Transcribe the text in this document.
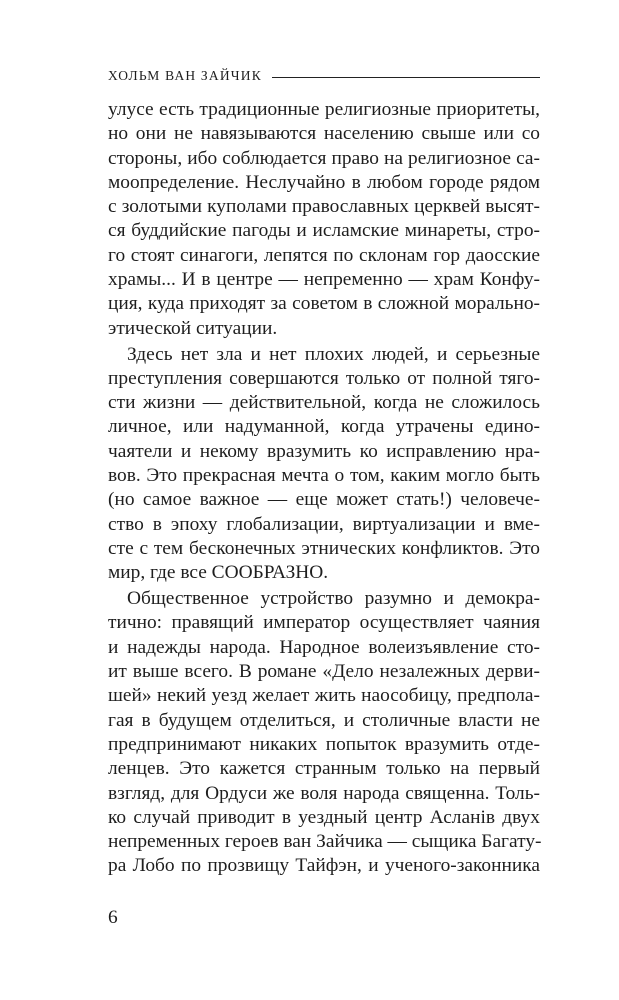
ХОЛЬМ ВАН ЗАЙЧИК
улусе есть традиционные религиозные приоритеты,
но они не навязываются населению свыше или со
стороны, ибо соблюдается право на религиозное са-
моопределение. Неслучайно в любом городе рядом
с золотыми куполами православных церквей высят-
ся буддийские пагоды и исламские минареты, стро-
го стоят синагоги, лепятся по склонам гор даосские
храмы... И в центре — непременно — храм Конфу-
ция, куда приходят за советом в сложной морально-
этической ситуации.
Здесь нет зла и нет плохих людей, и серьезные
преступления совершаются только от полной тяго-
сти жизни — действительной, когда не сложилось
личное, или надуманной, когда утрачены едино-
чаятели и некому вразумить ко исправлению нра-
вов. Это прекрасная мечта о том, каким могло быть
(но самое важное — еще может стать!) человече-
ство в эпоху глобализации, виртуализации и вме-
сте с тем бесконечных этнических конфликтов. Это
мир, где все СООБРАЗНО.
Общественное устройство разумно и демокра-
тично: правящий император осуществляет чаяния
и надежды народа. Народное волеизъявление сто-
ит выше всего. В романе «Дело незалежных дерви-
шей» некий уезд желает жить наособицу, предпола-
гая в будущем отделиться, и столичные власти не
предпринимают никаких попыток вразумить отде-
ленцев. Это кажется странным только на первый
взгляд, для Ордуси же воля народа священна. Толь-
ко случай приводит в уездный центр Асланiв двух
непременных героев ван Зайчика — сыщика Багату-
ра Лобо по прозвищу Тайфэн, и ученого-законника
6
